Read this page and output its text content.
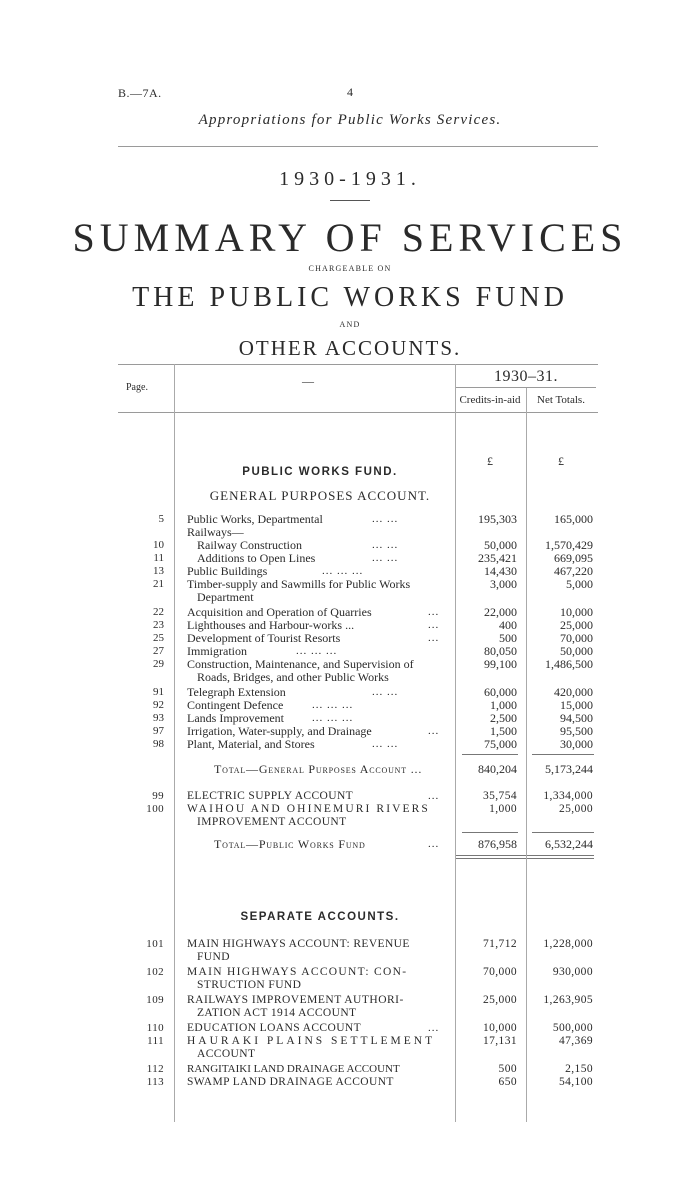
B.—7A.	4
Appropriations for Public Works Services.
1930-1931.
SUMMARY OF SERVICES
CHARGEABLE ON
THE PUBLIC WORKS FUND
AND
OTHER ACCOUNTS.
Page.	—	1930–31.
Credits-in-aid	Net Totals.
£	£
PUBLIC WORKS FUND.
GENERAL PURPOSES ACCOUNT.
5 Public Works, Departmental	... ...	195,303	165,000
Railways—
10	Railway Construction	... ...	50,000	1,570,429
11	Additions to Open Lines	... ...	235,421	669,095
13 Public Buildings	... ... ...	14,430	467,220
21 Timber-supply and Sawmills for Public Works
Department
3,000	5,000
22 Acquisition and Operation of Quarries	...	22,000	10,000
23 Lighthouses and Harbour-works ...	...	400	25,000
25 Development of Tourist Resorts	...	500	70,000
27 Immigration	... ... ...	80,050	50,000
29 Construction, Maintenance, and Supervision of
Roads, Bridges, and other Public Works
99,100	1,486,500
91 Telegraph Extension	... ...	60,000	420,000
92 Contingent Defence	... ... ...	1,000	15,000
93 Lands Improvement	... ... ...	2,500	94,500
97 Irrigation, Water-supply, and Drainage	...	1,500	95,500
98 Plant, Material, and Stores	... ...	75,000	30,000
Total—General Purposes Account ...	840,204	5,173,244
99 ELECTRIC SUPPLY ACCOUNT	...	35,754	1,334,000
100 WAIHOU AND OHINEMURI RIVERS
IMPROVEMENT ACCOUNT
1,000	25,000
Total—Public Works Fund	...	876,958	6,532,244
SEPARATE ACCOUNTS.
101 MAIN HIGHWAYS ACCOUNT: REVENUE
FUND
71,712	1,228,000
102 MAIN HIGHWAYS ACCOUNT: CON-
STRUCTION FUND
70,000	930,000
109 RAILWAYS IMPROVEMENT AUTHORI-
ZATION ACT 1914 ACCOUNT
25,000	1,263,905
110 EDUCATION LOANS ACCOUNT	...	10,000	500,000
111 HAURAKI PLAINS SETTLEMENT
ACCOUNT
17,131	47,369
112 RANGITAIKI LAND DRAINAGE ACCOUNT	500	2,150
113 SWAMP LAND DRAINAGE ACCOUNT	650	54,100
